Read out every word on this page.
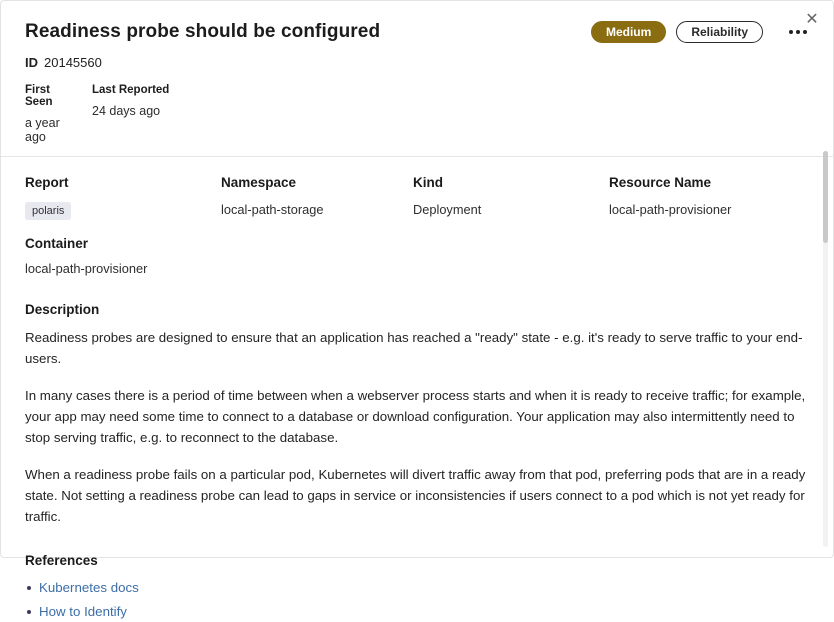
✕
Readiness probe should be configured	Medium	Reliability
ID 20145560
First Seen
a year ago
Last Reported
24 days ago
Report	Namespace	Kind	Resource Name
polaris	local-path-storage	Deployment	local-path-provisioner
Container
local-path-provisioner
Description

Readiness probes are designed to ensure that an application has reached a "ready" state - e.g. it's ready to serve traffic to your end-users.

In many cases there is a period of time between when a webserver process starts and when it is ready to receive traffic; for example, your app may need some time to connect to a database or download configuration. Your application may also intermittently need to stop serving traffic, e.g. to reconnect to the database.

When a readiness probe fails on a particular pod, Kubernetes will divert traffic away from that pod, preferring pods that are in a ready state. Not setting a readiness probe can lead to gaps in service or inconsistencies if users connect to a pod which is not yet ready for traffic.

References
Kubernetes docs
How to Identify
